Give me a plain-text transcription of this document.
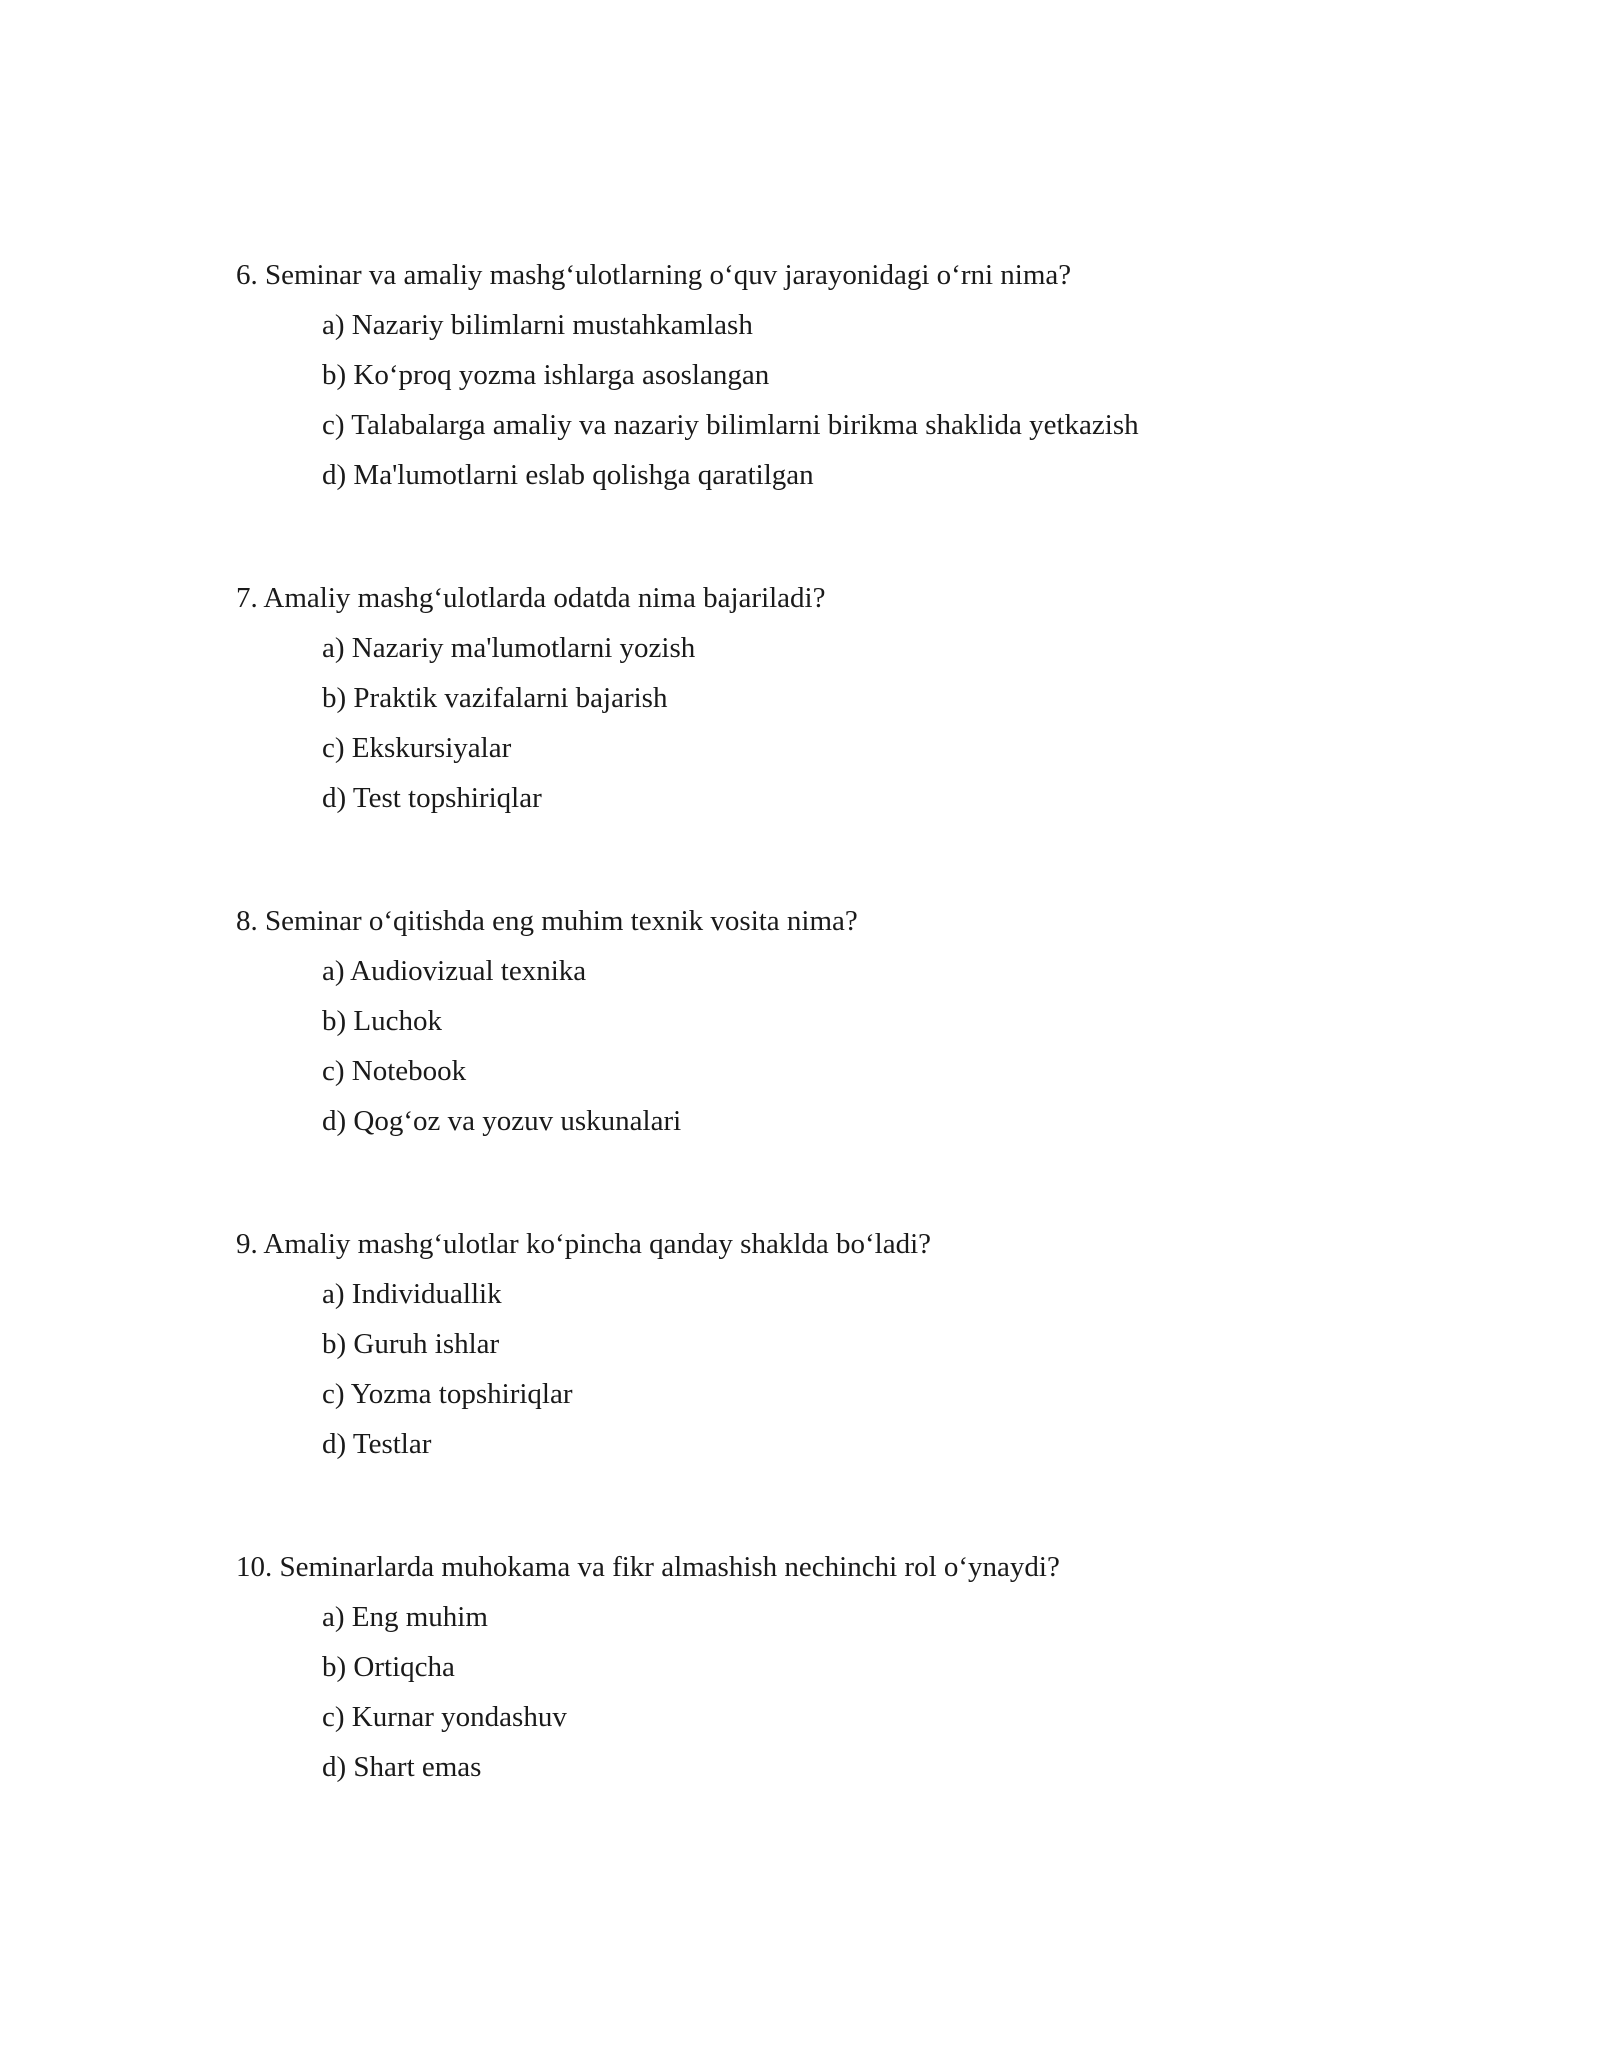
6. Seminar va amaliy mashg‘ulotlarning o‘quv jarayonidagi o‘rni nima?

a) Nazariy bilimlarni mustahkamlash
b) Ko‘proq yozma ishlarga asoslangan
c) Talabalarga amaliy va nazariy bilimlarni birikma shaklida yetkazish
d) Ma'lumotlarni eslab qolishga qaratilgan

7. Amaliy mashg‘ulotlarda odatda nima bajariladi?

a) Nazariy ma'lumotlarni yozish
b) Praktik vazifalarni bajarish
c) Ekskursiyalar
d) Test topshiriqlar

8. Seminar o‘qitishda eng muhim texnik vosita nima?

a) Audiovizual texnika
b) Luchok
c) Notebook
d) Qog‘oz va yozuv uskunalari

9. Amaliy mashg‘ulotlar ko‘pincha qanday shaklda bo‘ladi?

a) Individuallik
b) Guruh ishlar
c) Yozma topshiriqlar
d) Testlar

10. Seminarlarda muhokama va fikr almashish nechinchi rol o‘ynaydi?

a) Eng muhim
b) Ortiqcha
c) Kurnar yondashuv
d) Shart emas
